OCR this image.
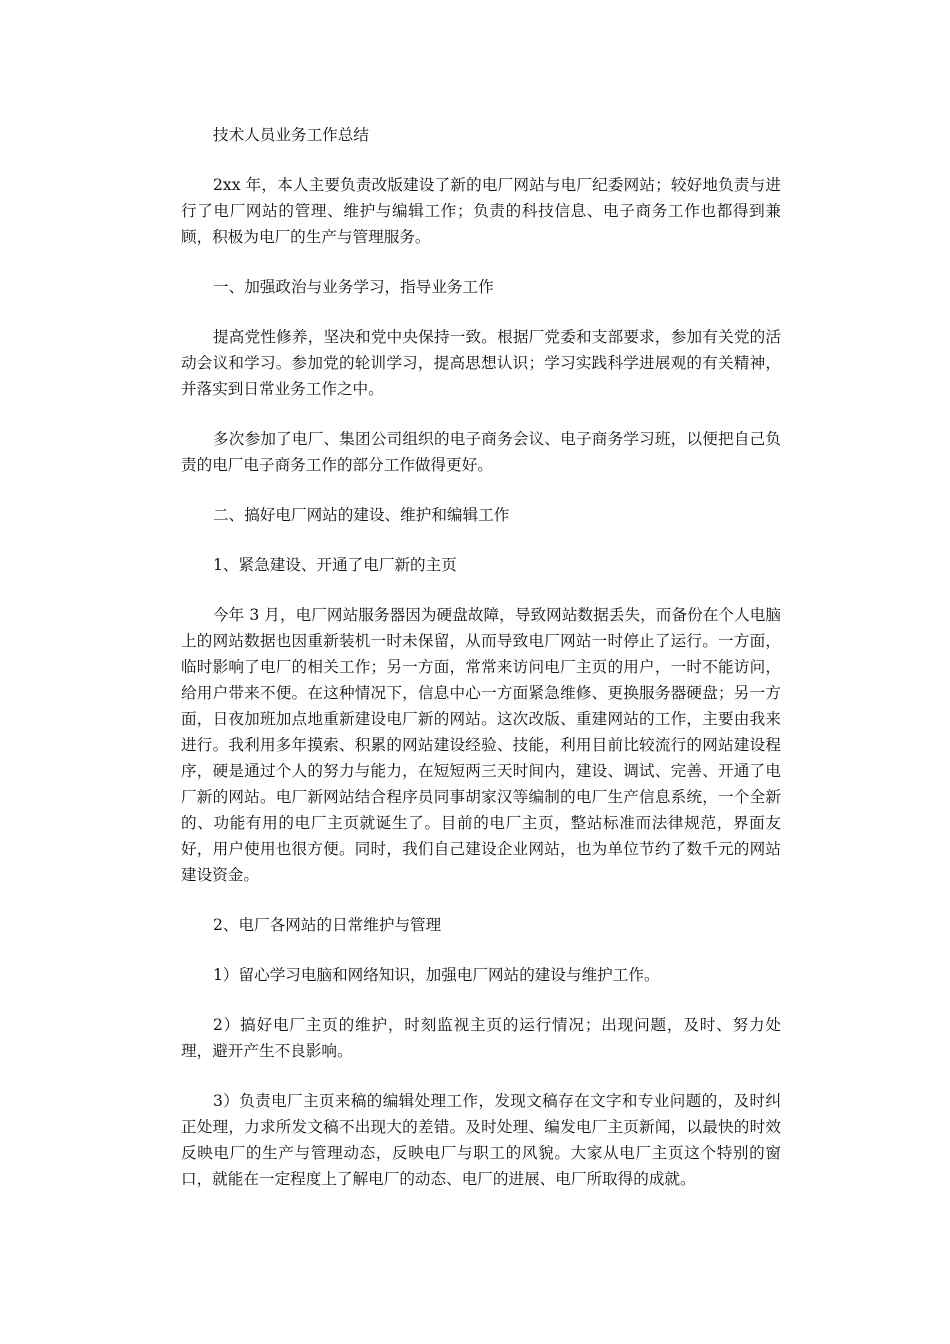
技术人员业务工作总结

2xx 年，本人主要负责改版建设了新的电厂网站与电厂纪委网站；较好地负责与进行了电厂网站的管理、维护与编辑工作；负责的科技信息、电子商务工作也都得到兼顾，积极为电厂的生产与管理服务。

一、加强政治与业务学习，指导业务工作

提高党性修养，坚决和党中央保持一致。根据厂党委和支部要求，参加有关党的活动会议和学习。参加党的轮训学习，提高思想认识；学习实践科学进展观的有关精神，并落实到日常业务工作之中。

多次参加了电厂、集团公司组织的电子商务会议、电子商务学习班，以便把自己负责的电厂电子商务工作的部分工作做得更好。

二、搞好电厂网站的建设、维护和编辑工作

1、紧急建设、开通了电厂新的主页

今年 3 月，电厂网站服务器因为硬盘故障，导致网站数据丢失，而备份在个人电脑上的网站数据也因重新装机一时未保留，从而导致电厂网站一时停止了运行。一方面，临时影响了电厂的相关工作；另一方面，常常来访问电厂主页的用户，一时不能访问，给用户带来不便。在这种情况下，信息中心一方面紧急维修、更换服务器硬盘；另一方面，日夜加班加点地重新建设电厂新的网站。这次改版、重建网站的工作，主要由我来进行。我利用多年摸索、积累的网站建设经验、技能，利用目前比较流行的网站建设程序，硬是通过个人的努力与能力，在短短两三天时间内，建设、调试、完善、开通了电厂新的网站。电厂新网站结合程序员同事胡家汉等编制的电厂生产信息系统，一个全新的、功能有用的电厂主页就诞生了。目前的电厂主页，整站标准而法律规范，界面友好，用户使用也很方便。同时，我们自己建设企业网站，也为单位节约了数千元的网站建设资金。

2、电厂各网站的日常维护与管理

1）留心学习电脑和网络知识，加强电厂网站的建设与维护工作。

2）搞好电厂主页的维护，时刻监视主页的运行情况；出现问题，及时、努力处理，避开产生不良影响。

3）负责电厂主页来稿的编辑处理工作，发现文稿存在文字和专业问题的，及时纠正处理，力求所发文稿不出现大的差错。及时处理、编发电厂主页新闻，以最快的时效反映电厂的生产与管理动态，反映电厂与职工的风貌。大家从电厂主页这个特别的窗口，就能在一定程度上了解电厂的动态、电厂的进展、电厂所取得的成就。
